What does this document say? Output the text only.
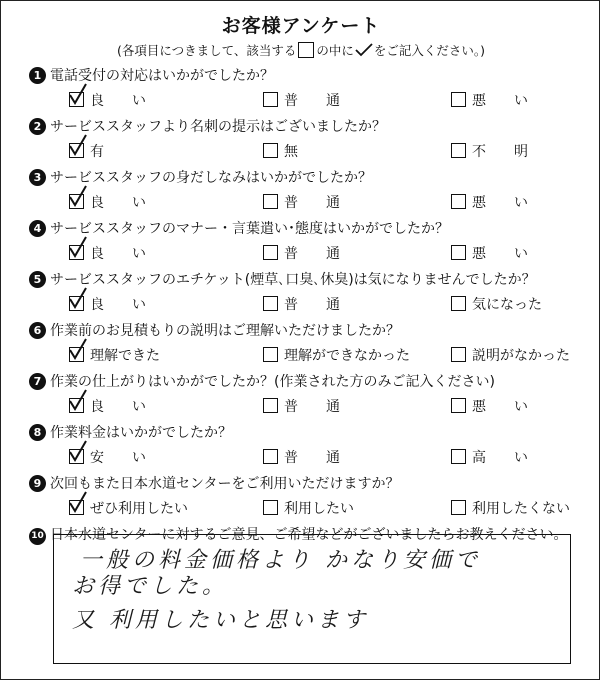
お客様アンケート
(各項目につきまして、該当する の中に をご記入ください。)
1 電話受付の対応はいかがでしたか？
良　　い	普　　通	悪　　い
2 サービススタッフより名刺の提示はございましたか？
有	無	不　　明
3 サービススタッフの身だしなみはいかがでしたか？
良　　い	普　　通	悪　　い
4 サービススタッフのマナー・言葉遣い･態度はいかがでしたか？
良　　い	普　　通	悪　　い
5 サービススタッフのエチケット(煙草､口臭､休臭)は気になりませんでしたか？
良　　い	普　　通	気になった
6 作業前のお見積もりの説明はご理解いただけましたか？
理解できた	理解ができなかった	説明がなかった
7 作業の仕上がりはいかがでしたか？(作業された方のみご記入ください)
良　　い	普　　通	悪　　い
8 作業料金はいかがでしたか？
安　　い	普　　通	高　　い
9 次回もまた日本水道センターをご利用いただけますか？
ぜひ利用したい	利用したい	利用したくない
10 日本水道センターに対するご意見、ご希望などがございましたらお教えください。
一般の料金価格より かなり安価で
お得でした。
又 利用したいと思います
